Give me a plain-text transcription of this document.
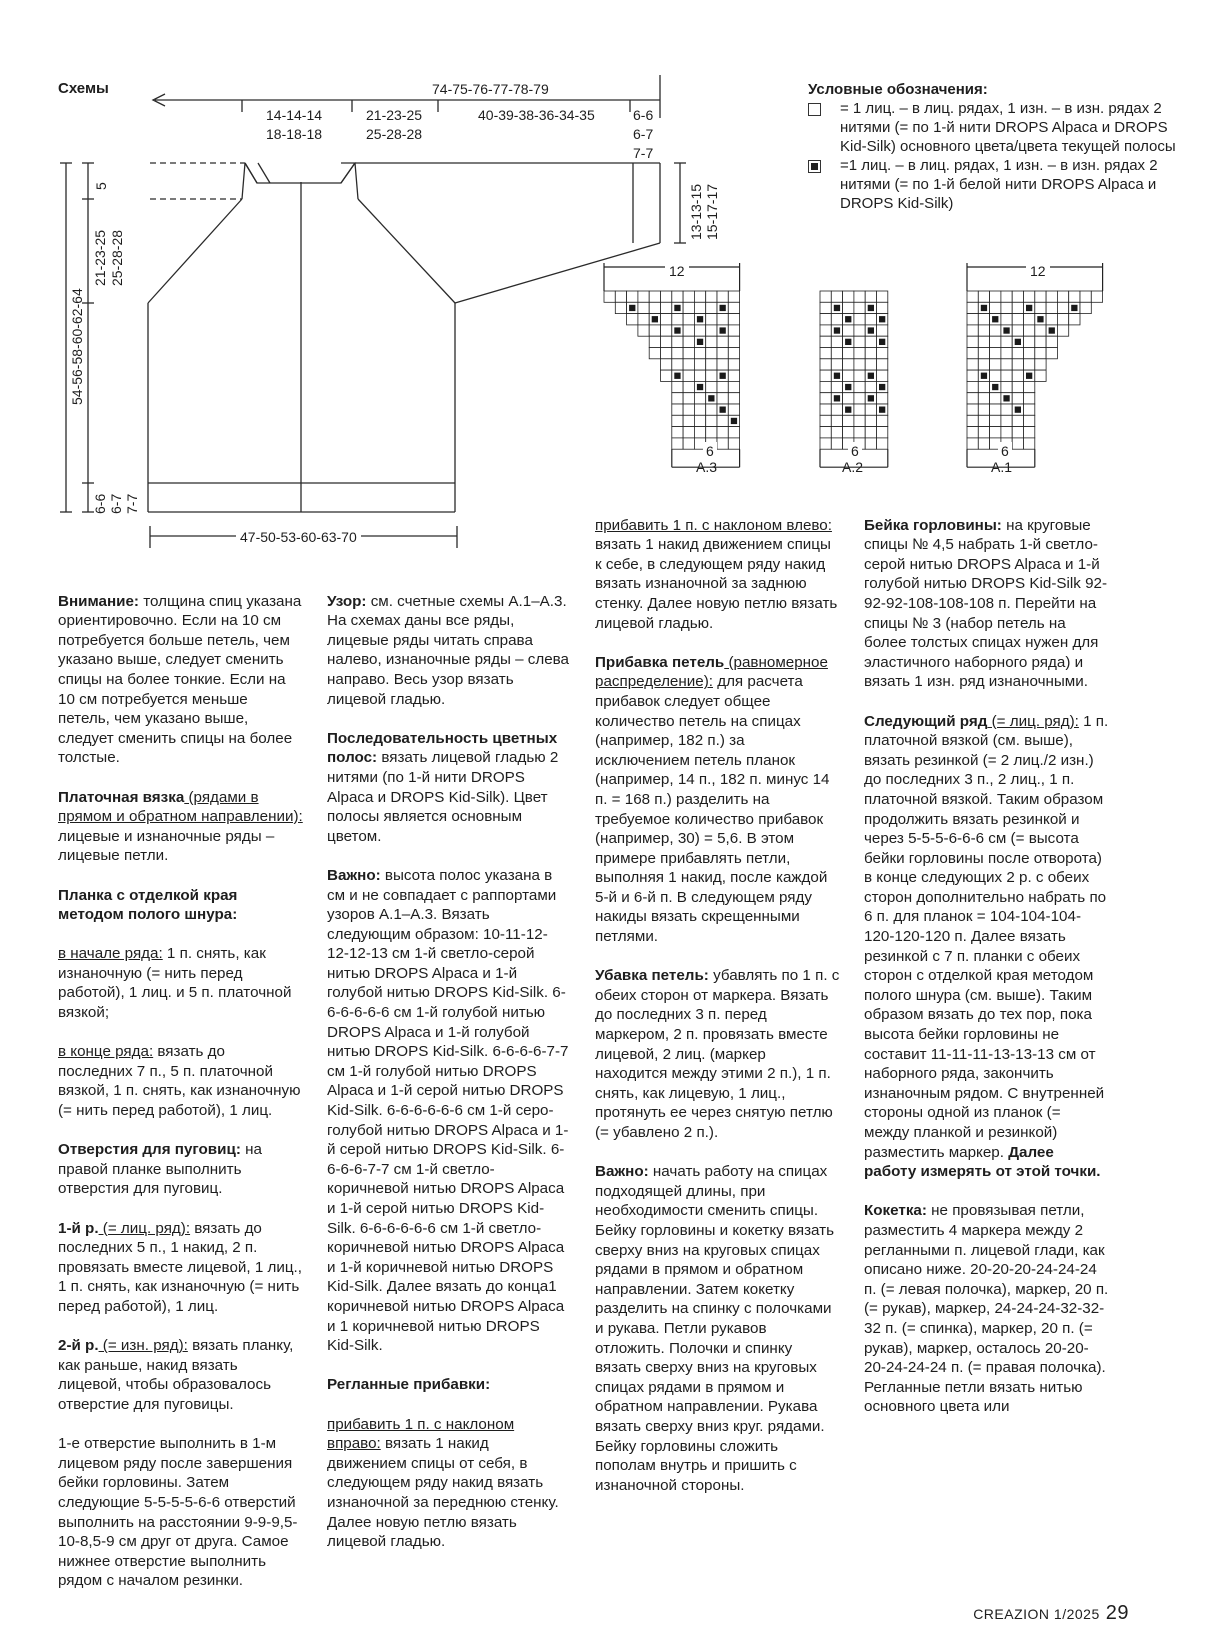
Схемы	74-75-76-77-78-79
14-14-14
18-18-18
21-23-25
25-28-28
40-39-38-36-34-35	6-6
6-7
7-7
13-13-15
15-17-17
5
21-23-25
25-28-28
54-56-58-60-62-64
6-6
6-7
7-7
47-50-53-60-63-70
Условные обозначения:
= 1 лиц. – в лиц. рядах, 1 изн. – в изн. рядах 2 нитями (= по 1-й нити DROPS Alpaca и DROPS Kid-Silk) основного цвета/цвета текущей полосы
=1 лиц. – в лиц. рядах, 1 изн. – в изн. рядах 2 нитями (= по 1-й белой нити DROPS Alpaca и DROPS Kid-Silk)
12	12
6
A.3
6
A.2
6
A.1

Внимание: толщина спиц указана ориентировочно. Если на 10 см потребуется больше петель, чем указано выше, следует сменить спицы на более тонкие. Если на 10 см потребуется меньше петель, чем указано выше, следует сменить спицы на более толстые.

Платочная вязка (рядами в прямом и обратном направлении): лицевые и изнаночные ряды – лицевые петли.

Планка с отделкой края методом полого шнура:

в начале ряда: 1 п. снять, как изнаночную (= нить перед работой), 1 лиц. и 5 п. платочной вязкой;

в конце ряда: вязать до последних 7 п., 5 п. платочной вязкой, 1 п. снять, как изнаночную (= нить перед работой), 1 лиц.

Отверстия для пуговиц: на правой планке выполнить отверстия для пуговиц.

1-й р. (= лиц. ряд): вязать до последних 5 п., 1 накид, 2 п. провязать вместе лицевой, 1 лиц., 1 п. снять, как изнаночную (= нить перед работой), 1 лиц.

2-й р. (= изн. ряд): вязать планку, как раньше, накид вязать лицевой, чтобы образовалось отверстие для пуговицы.

1-е отверстие выполнить в 1-м лицевом ряду после завершения бейки горловины. Затем следующие 5-5-5-5-6-6 отверстий выполнить на расстоянии 9-9-9,5-10-8,5-9 см друг от друга. Самое нижнее отверстие выполнить рядом с началом резинки.

Узор: см. счетные схемы А.1–А.3. На схемах даны все ряды, лицевые ряды читать справа налево, изнаночные ряды – слева направо. Весь узор вязать лицевой гладью.

Последовательность цветных полос: вязать лицевой гладью 2 нитями (по 1-й нити DROPS Alpaca и DROPS Kid-Silk). Цвет полосы является основным цветом.

Важно: высота полос указана в см и не совпадает с раппортами узоров А.1–А.3. Вязать следующим образом: 10-11-12-12-12-13 см 1-й светло-серой нитью DROPS Alpaca и 1-й голубой нитью DROPS Kid-Silk. 6-6-6-6-6-6 см 1-й голубой нитью DROPS Alpaca и 1-й голубой нитью DROPS Kid-Silk. 6-6-6-6-7-7 см 1-й голубой нитью DROPS Alpaca и 1-й серой нитью DROPS Kid-Silk. 6-6-6-6-6-6 см 1-й серо-голубой нитью DROPS Alpaca и 1-й серой нитью DROPS Kid-Silk. 6-6-6-6-7-7 см 1-й светло-коричневой нитью DROPS Alpaca и 1-й серой нитью DROPS Kid-Silk. 6-6-6-6-6-6 см 1-й светло-коричневой нитью DROPS Alpaca и 1-й коричневой нитью DROPS Kid-Silk. Далее вязать до конца1 коричневой нитью DROPS Alpaca и 1 коричневой нитью DROPS Kid-Silk.

Регланные прибавки:

прибавить 1 п. с наклоном вправо: вязать 1 накид движением спицы от себя, в следующем ряду накид вязать изнаночной за переднюю стенку. Далее новую петлю вязать лицевой гладью.

прибавить 1 п. с наклоном влево: вязать 1 накид движением спицы к себе, в следующем ряду накид вязать изнаночной за заднюю стенку. Далее новую петлю вязать лицевой гладью.

Прибавка петель (равномерное распределение): для расчета прибавок следует общее количество петель на спицах (например, 182 п.) за исключением петель планок (например, 14 п., 182 п. минус 14 п. = 168 п.) разделить на требуемое количество прибавок (например, 30) = 5,6. В этом примере прибавлять петли, выполняя 1 накид, после каждой 5-й и 6-й п. В следующем ряду накиды вязать скрещенными петлями.

Убавка петель: убавлять по 1 п. с обеих сторон от маркера. Вязать до последних 3 п. перед маркером, 2 п. провязать вместе лицевой, 2 лиц. (маркер находится между этими 2 п.), 1 п. снять, как лицевую, 1 лиц., протянуть ее через снятую петлю (= убавлено 2 п.).

Важно: начать работу на спицах подходящей длины, при необходимости сменить спицы. Бейку горловины и кокетку вязать сверху вниз на круговых спицах рядами в прямом и обратном направлении. Затем кокетку разделить на спинку с полочками и рукава. Петли рукавов отложить. Полочки и спинку вязать сверху вниз на круговых спицах рядами в прямом и обратном направлении. Рукава вязать сверху вниз круг. рядами. Бейку горловины сложить пополам внутрь и пришить с изнаночной стороны.

Бейка горловины: на круговые спицы № 4,5 набрать 1-й светло-серой нитью DROPS Alpaca и 1-й голубой нитью DROPS Kid-Silk 92-92-92-108-108-108 п. Перейти на спицы № 3 (набор петель на более толстых спицах нужен для эластичного наборного ряда) и вязать 1 изн. ряд изнаночными.

Следующий ряд (= лиц. ряд): 1 п. платочной вязкой (см. выше), вязать резинкой (= 2 лиц./2 изн.) до последних 3 п., 2 лиц., 1 п. платочной вязкой. Таким образом продолжить вязать резинкой и через 5-5-5-6-6-6 см (= высота бейки горловины после отворота) в конце следующих 2 р. с обеих сторон дополнительно набрать по 6 п. для планок = 104-104-104-120-120-120 п. Далее вязать резинкой с 7 п. планки с обеих сторон с отделкой края методом полого шнура (см. выше). Таким образом вязать до тех пор, пока высота бейки горловины не составит 11-11-11-13-13-13 см от наборного ряда, закончить изнаночным рядом. С внутренней стороны одной из планок (= между планкой и резинкой) разместить маркер. Далее работу измерять от этой точки.

Кокетка: не провязывая петли, разместить 4 маркера между 2 регланными п. лицевой глади, как описано ниже. 20-20-20-24-24-24 п. (= левая полочка), маркер, 20 п. (= рукав), маркер, 24-24-24-32-32-32 п. (= спинка), маркер, 20 п. (= рукав), маркер, осталось 20-20-20-24-24-24 п. (= правая полочка). Регланные петли вязать нитью основного цвета или

CREAZION 1/2025 29
